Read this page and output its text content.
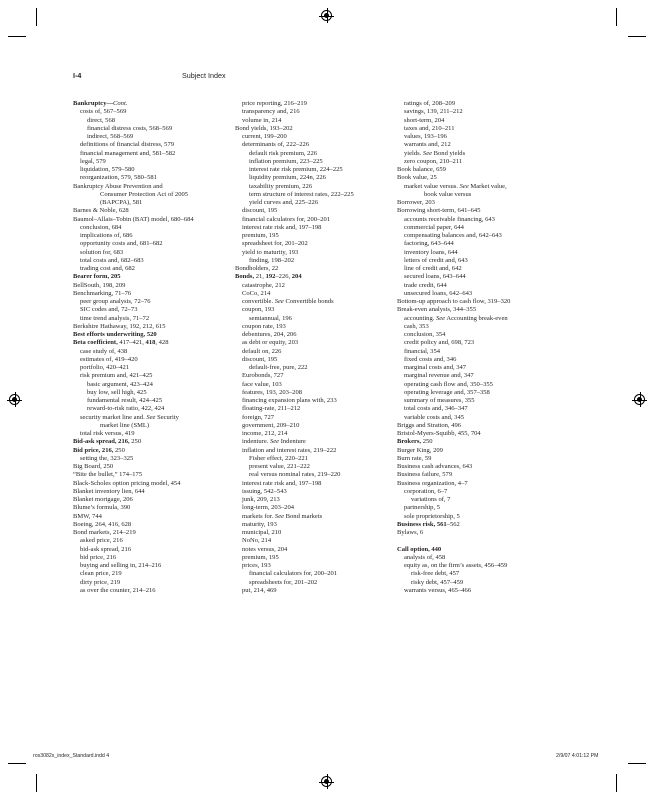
I-4	Subject Index
Bankruptcy—Cont.
costs of, 567–569
direct, 568
financial distress costs, 568–569
indirect, 568–569
definitions of financial distress, 579
financial management and, 581–582
legal, 579
liquidation, 579–580
reorganization, 579, 580–581
Bankruptcy Abuse Prevention and
Consumer Protection Act of 2005
(BAPCPA), 581
Barnes & Noble, 628
Baumol–Allais–Tobin (BAT) model, 680–684
conclusion, 684
implications of, 686
opportunity costs and, 681–682
solution for, 683
total costs and, 682–683
trading cost and, 682
Bearer form, 205
BellSouth, 198, 209
Benchmarking, 71–76
peer group analysis, 72–76
SIC codes and, 72–73
time trend analysis, 71–72
Berkshire Hathaway, 192, 212, 615
Best efforts underwriting, 520
Beta coefficient, 417–421, 418, 428
case study of, 438
estimates of, 419–420
portfolio, 420–421
risk premium and, 421–425
basic argument, 423–424
buy low, sell high, 425
fundamental result, 424–425
reward-to-risk ratio, 422, 424
security market line and. See Security
market line (SML)
total risk versus, 419
Bid-ask spread, 216, 250
Bid price, 216, 250
setting the, 323–325
Big Board, 250
“Bite the bullet,” 174–175
Black-Scholes option pricing model, 454
Blanket inventory lien, 644
Blanket mortgage, 206
Blume’s formula, 390
BMW, 744
Boeing, 264, 416, 628
Bond markets, 214–219
asked price, 216
bid-ask spread, 216
bid price, 216
buying and selling in, 214–216
clean price, 219
dirty price, 219
as over the counter, 214–216
price reporting, 216–219
transparency and, 216
volume in, 214
Bond yields, 193–202
current, 199–200
determinants of, 222–226
default risk premium, 226
inflation premium, 223–225
interest rate risk premium, 224–225
liquidity premium, 224n, 226
taxability premium, 226
term structure of interest rates, 222–225
yield curves and, 225–226
discount, 195
financial calculators for, 200–201
interest rate risk and, 197–198
premium, 195
spreadsheet for, 201–202
yield to maturity, 193
finding, 198–202
Bondholders, 22
Bonds, 21, 192–226, 204
catastrophe, 212
CoCo, 214
convertible. See Convertible bonds
coupon, 193
semiannual, 196
coupon rate, 193
debentures, 204, 206
as debt or equity, 203
default on, 226
discount, 195
default-free, pure, 222
Eurobonds, 727
face value, 103
features, 193, 203–208
financing expansion plans with, 233
floating-rate, 211–212
foreign, 727
government, 209–210
income, 212, 214
indenture. See Indenture
inflation and interest rates, 219–222
Fisher effect, 220–221
present value, 221–222
real versus nominal rates, 219–220
interest rate risk and, 197–198
issuing, 542–543
junk, 209, 213
long-term, 203–204
markets for. See Bond markets
maturity, 193
municipal, 210
NoNo, 214
notes versus, 204
premium, 195
prices, 193
financial calculators for, 200–201
spreadsheets for, 201–202
put, 214, 469
ratings of, 208–209
savings, 139, 211–212
short-term, 204
taxes and, 210–211
values, 193–196
warrants and, 212
yields. See Bond yields
zero coupon, 210–211
Book balance, 659
Book value, 25
market value versus. See Market value,
book value versus
Borrower, 203
Borrowing short-term, 641–645
accounts receivable financing, 643
commercial paper, 644
compensating balances and, 642–643
factoring, 643–644
inventory loans, 644
letters of credit and, 643
line of credit and, 642
secured loans, 643–644
trade credit, 644
unsecured loans, 642–643
Bottom-up approach to cash flow, 319–320
Break-even analysis, 344–355
accounting. See Accounting break-even
cash, 353
conclusion, 354
credit policy and, 698, 723
financial, 354
fixed costs and, 346
marginal costs and, 347
marginal revenue and, 347
operating cash flow and, 350–355
operating leverage and, 357–358
summary of measures, 355
total costs and, 346–347
variable costs and, 345
Briggs and Stratton, 496
Bristol-Myers-Squibb, 455, 704
Brokers, 250
Burger King, 209
Burn rate, 59
Business cash advances, 643
Business failure, 579
Business organization, 4–7
corporation, 6–7
variations of, 7
partnership, 5
sole proprietorship, 5
Business risk, 561–562
Bylaws, 6
Call option, 440
analysis of, 458
equity as, on the firm’s assets, 456–459
risk-free debt, 457
risky debt, 457–459
warrants versus, 465–466
ros3082x_index_Standard.indd 4	2/9/07 4:01:12 PM
